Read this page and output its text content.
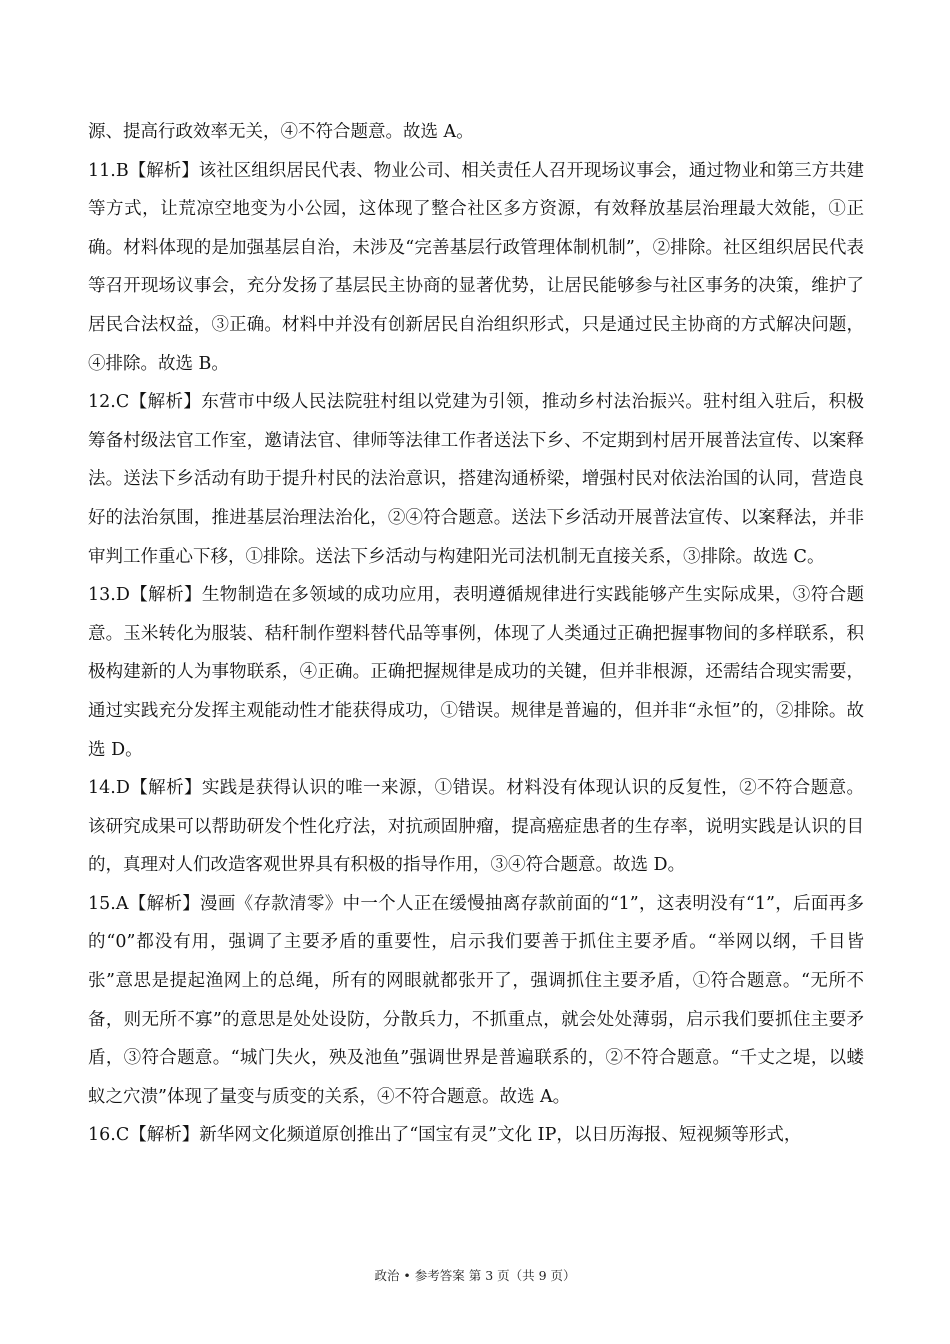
源、提高行政效率无关，④不符合题意。故选 A。

11.B【解析】该社区组织居民代表、物业公司、相关责任人召开现场议事会，通过物业和第三方共建等方式，让荒凉空地变为小公园，这体现了整合社区多方资源，有效释放基层治理最大效能，①正确。材料体现的是加强基层自治，未涉及“完善基层行政管理体制机制”，②排除。社区组织居民代表等召开现场议事会，充分发扬了基层民主协商的显著优势，让居民能够参与社区事务的决策，维护了居民合法权益，③正确。材料中并没有创新居民自治组织形式，只是通过民主协商的方式解决问题，④排除。故选 B。

12.C【解析】东营市中级人民法院驻村组以党建为引领，推动乡村法治振兴。驻村组入驻后，积极筹备村级法官工作室，邀请法官、律师等法律工作者送法下乡、不定期到村居开展普法宣传、以案释法。送法下乡活动有助于提升村民的法治意识，搭建沟通桥梁，增强村民对依法治国的认同，营造良好的法治氛围，推进基层治理法治化，②④符合题意。送法下乡活动开展普法宣传、以案释法，并非审判工作重心下移，①排除。送法下乡活动与构建阳光司法机制无直接关系，③排除。故选 C。

13.D【解析】生物制造在多领域的成功应用，表明遵循规律进行实践能够产生实际成果，③符合题意。玉米转化为服装、秸秆制作塑料替代品等事例，体现了人类通过正确把握事物间的多样联系，积极构建新的人为事物联系，④正确。正确把握规律是成功的关键，但并非根源，还需结合现实需要，通过实践充分发挥主观能动性才能获得成功，①错误。规律是普遍的，但并非“永恒”的，②排除。故选 D。

14.D【解析】实践是获得认识的唯一来源，①错误。材料没有体现认识的反复性，②不符合题意。该研究成果可以帮助研发个性化疗法，对抗顽固肿瘤，提高癌症患者的生存率，说明实践是认识的目的，真理对人们改造客观世界具有积极的指导作用，③④符合题意。故选 D。

15.A【解析】漫画《存款清零》中一个人正在缓慢抽离存款前面的“1”，这表明没有“1”，后面再多的“0”都没有用，强调了主要矛盾的重要性，启示我们要善于抓住主要矛盾。“举网以纲，千目皆张”意思是提起渔网上的总绳，所有的网眼就都张开了，强调抓住主要矛盾，①符合题意。“无所不备，则无所不寡”的意思是处处设防，分散兵力，不抓重点，就会处处薄弱，启示我们要抓住主要矛盾，③符合题意。“城门失火，殃及池鱼”强调世界是普遍联系的，②不符合题意。“千丈之堤，以蝼蚁之穴溃”体现了量变与质变的关系，④不符合题意。故选 A。

16.C【解析】新华网文化频道原创推出了“国宝有灵”文化 IP，以日历海报、短视频等形式，

政治 • 参考答案 第 3 页（共 9 页）
